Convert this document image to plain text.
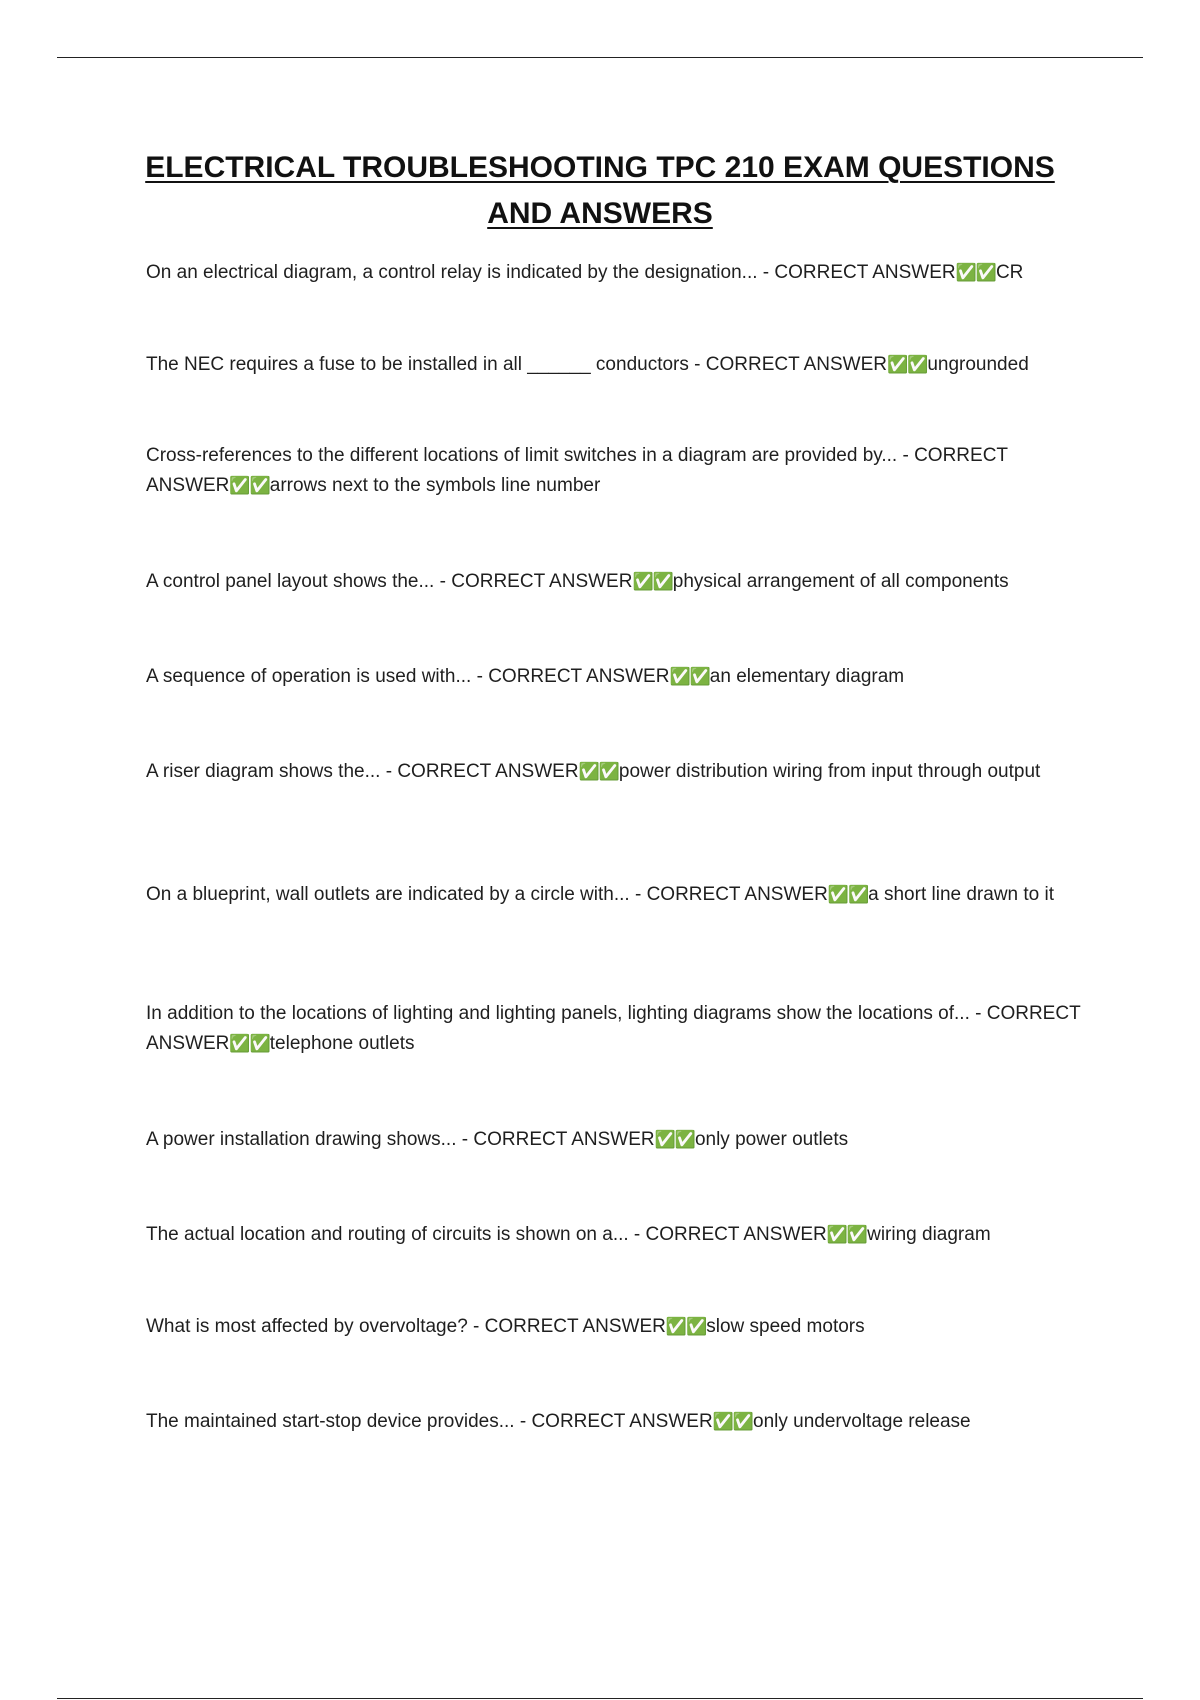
ELECTRICAL TROUBLESHOOTING TPC 210 EXAM QUESTIONS
AND ANSWERS
On an electrical diagram, a control relay is indicated by the designation... - CORRECT ANSWER✅✅CR
The NEC requires a fuse to be installed in all ______ conductors - CORRECT ANSWER✅✅ungrounded
Cross-references to the different locations of limit switches in a diagram are provided by... - CORRECT ANSWER✅✅arrows next to the symbols line number
A control panel layout shows the... - CORRECT ANSWER✅✅physical arrangement of all components
A sequence of operation is used with... - CORRECT ANSWER✅✅an elementary diagram
A riser diagram shows the... - CORRECT ANSWER✅✅power distribution wiring from input through output
On a blueprint, wall outlets are indicated by a circle with... - CORRECT ANSWER✅✅a short line drawn to it
In addition to the locations of lighting and lighting panels, lighting diagrams show the locations of... - CORRECT ANSWER✅✅telephone outlets
A power installation drawing shows... - CORRECT ANSWER✅✅only power outlets
The actual location and routing of circuits is shown on a... - CORRECT ANSWER✅✅wiring diagram
What is most affected by overvoltage? - CORRECT ANSWER✅✅slow speed motors
The maintained start-stop device provides... - CORRECT ANSWER✅✅only undervoltage release
